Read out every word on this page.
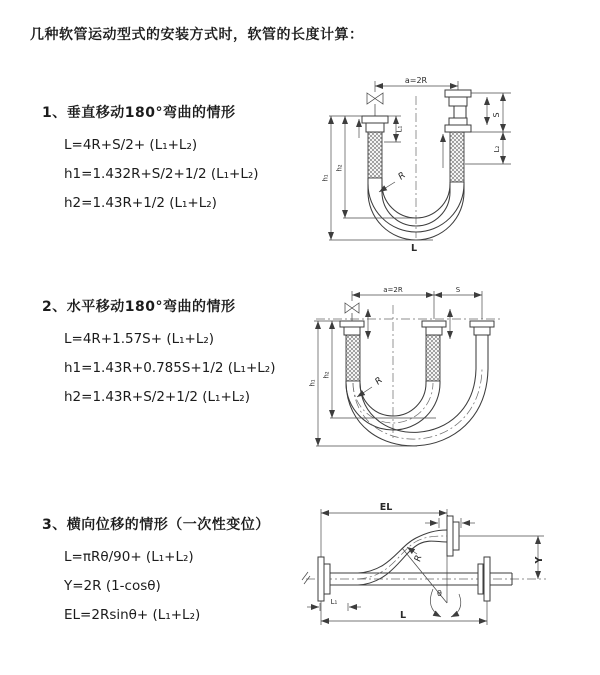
几种软管运动型式的安装方式时，软管的长度计算：
1、垂直移动180°弯曲的情形
L=4R+S/2+ (L₁+L₂)
h1=1.432R+S/2+1/2 (L₁+L₂)
h2=1.43R+1/2 (L₁+L₂)
a=2R
S
L₂
h₁
h₂
L₁
R
L
2、水平移动180°弯曲的情形
L=4R+1.57S+ (L₁+L₂)
h1=1.43R+0.785S+1/2 (L₁+L₂)
h2=1.43R+S/2+1/2 (L₁+L₂)
a=2R	S
h₁
h₂
R
3、横向位移的情形（一次性变位）
L=πRθ/90+ (L₁+L₂)
Y=2R (1-cosθ)
EL=2Rsinθ+ (L₁+L₂)
EL
Y
θ
R
L₁
L
